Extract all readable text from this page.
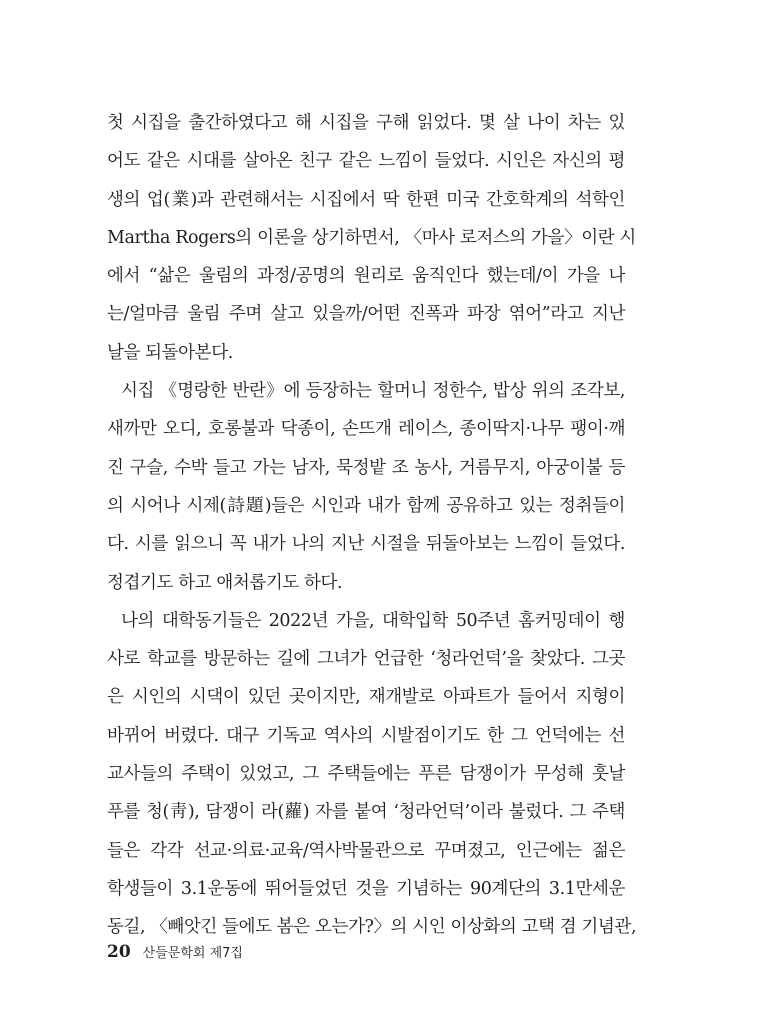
첫 시집을 출간하였다고 해 시집을 구해 읽었다. 몇 살 나이 차는 있
어도 같은 시대를 살아온 친구 같은 느낌이 들었다. 시인은 자신의 평
생의 업(業)과 관련해서는 시집에서 딱 한편 미국 간호학계의 석학인
Martha Rogers의 이론을 상기하면서, 〈마사 로저스의 가을〉이란 시
에서 “삶은 울림의 과정/공명의 원리로 움직인다 했는데/이 가을 나
는/얼마큼 울림 주며 살고 있을까/어떤 진폭과 파장 엮어”라고 지난
날을 되돌아본다.
시집 《명랑한 반란》에 등장하는 할머니 정한수, 밥상 위의 조각보,
새까만 오디, 호롱불과 닥종이, 손뜨개 레이스, 종이딱지·나무 팽이·깨
진 구슬, 수박 들고 가는 남자, 묵정밭 조 농사, 거름무지, 아궁이불 등
의 시어나 시제(詩題)들은 시인과 내가 함께 공유하고 있는 정취들이
다. 시를 읽으니 꼭 내가 나의 지난 시절을 뒤돌아보는 느낌이 들었다.
정겹기도 하고 애처롭기도 하다.
나의 대학동기들은 2022년 가을, 대학입학 50주년 홈커밍데이 행
사로 학교를 방문하는 길에 그녀가 언급한 ‘청라언덕’을 찾았다. 그곳
은 시인의 시댁이 있던 곳이지만, 재개발로 아파트가 들어서 지형이
바뀌어 버렸다. 대구 기독교 역사의 시발점이기도 한 그 언덕에는 선
교사들의 주택이 있었고, 그 주택들에는 푸른 담쟁이가 무성해 훗날
푸를 청(靑), 담쟁이 라(蘿) 자를 붙여 ‘청라언덕’이라 불렀다. 그 주택
들은 각각 선교·의료·교육/역사박물관으로 꾸며졌고, 인근에는 젊은
학생들이 3.1운동에 뛰어들었던 것을 기념하는 90계단의 3.1만세운
동길, 〈빼앗긴 들에도 봄은 오는가?〉의 시인 이상화의 고택 겸 기념관,
20 산들문학회 제7집
